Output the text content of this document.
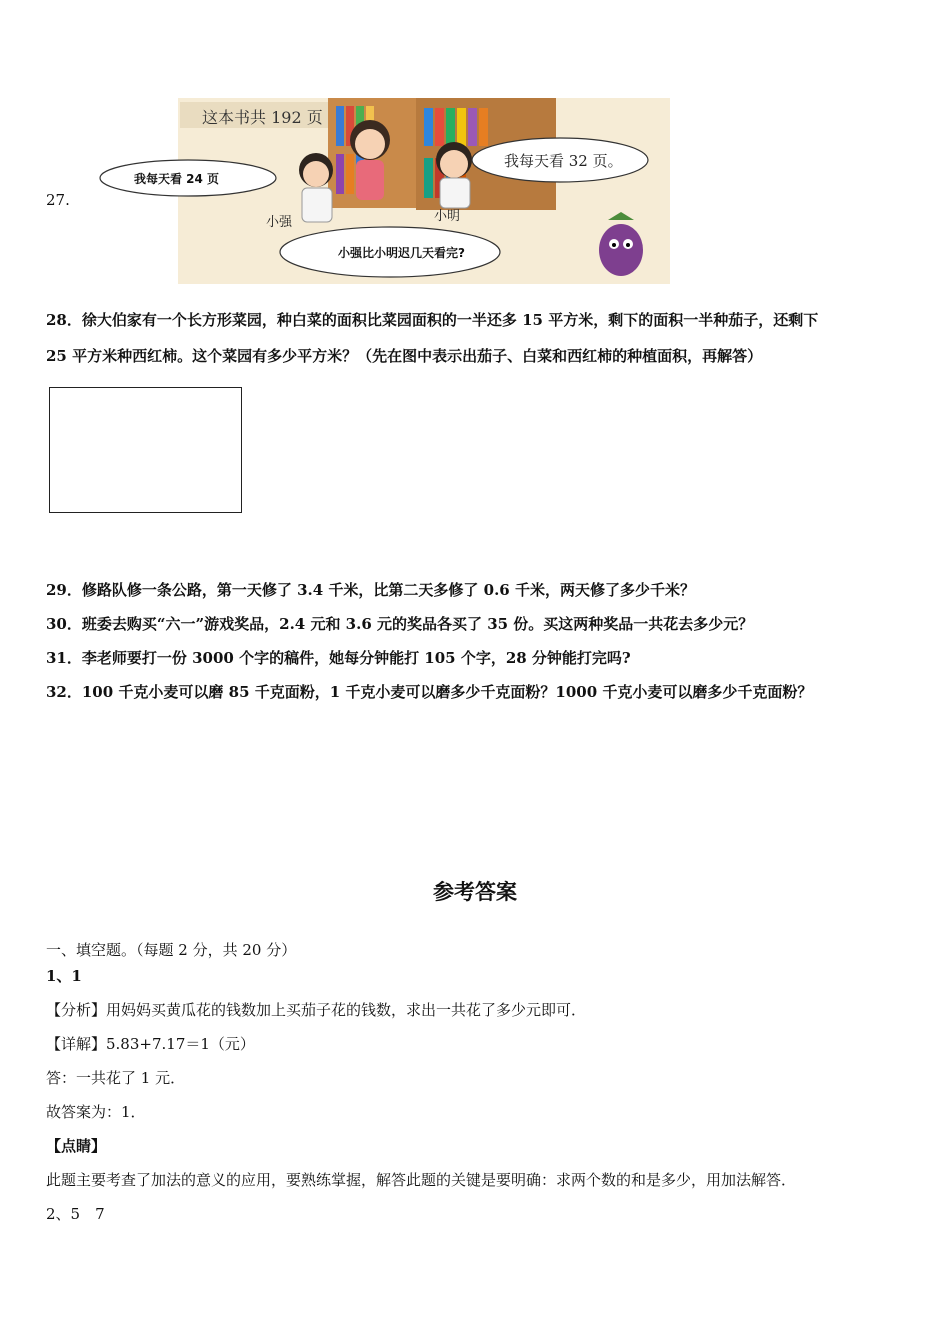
27.
这本书共 192 页
小强	小明
我每天看 24 页
我每天看 32 页。
小强比小明迟几天看完?
28．徐大伯家有一个长方形菜园，种白菜的面积比菜园面积的一半还多 15 平方米，剩下的面积一半种茄子，还剩下
25 平方米种西红柿。这个菜园有多少平方米？（先在图中表示出茄子、白菜和西红柿的种植面积，再解答）
29．修路队修一条公路，第一天修了 3.4 千米，比第二天多修了 0.6 千米，两天修了多少千米？
30．班委去购买“六一”游戏奖品，2.4 元和 3.6 元的奖品各买了 35 份。买这两种奖品一共花去多少元？
31．李老师要打一份 3000 个字的稿件，她每分钟能打 105 个字，28 分钟能打完吗?
32．100 千克小麦可以磨 85 千克面粉，1 千克小麦可以磨多少千克面粉？1000 千克小麦可以磨多少千克面粉？
参考答案
一、填空题。（每题 2 分，共 20 分）
1、1
【分析】用妈妈买黄瓜花的钱数加上买茄子花的钱数，求出一共花了多少元即可．
【详解】5.83+7.17＝1（元）
答：一共花了 1 元．
故答案为：1．
【点睛】
此题主要考查了加法的意义的应用，要熟练掌握，解答此题的关键是要明确：求两个数的和是多少，用加法解答．
2、5　7
